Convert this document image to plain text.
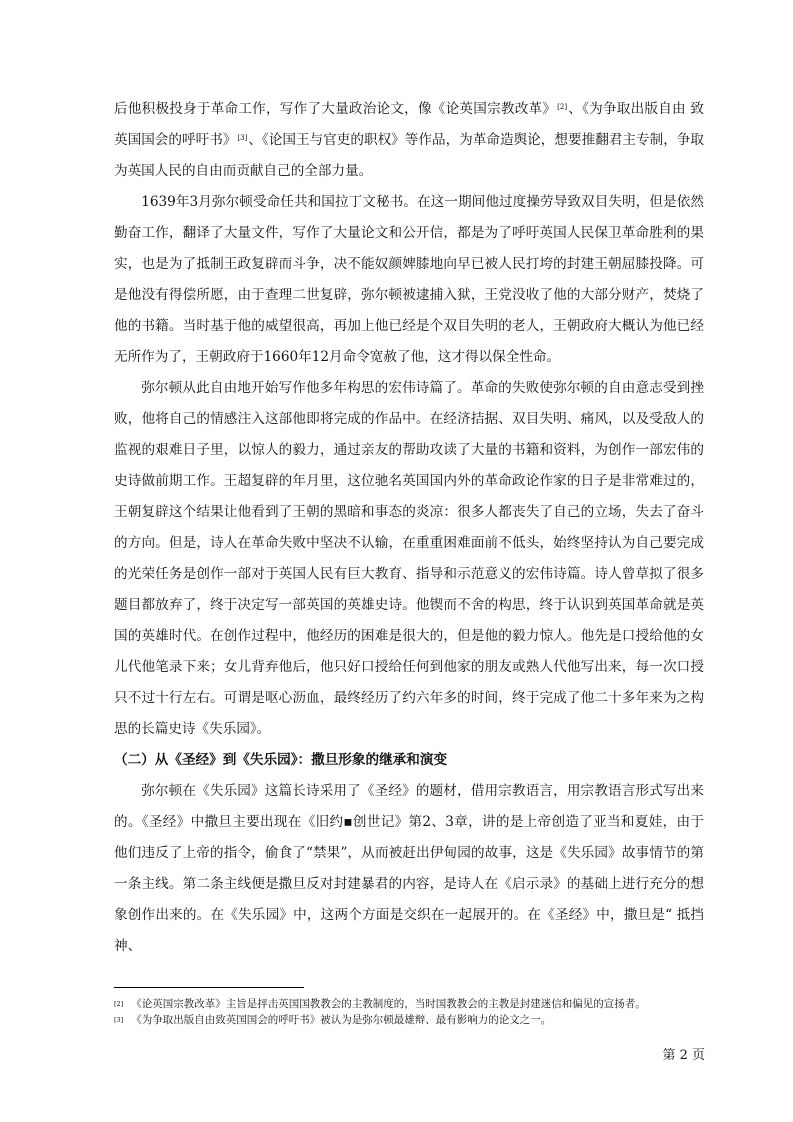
后他积极投身于革命工作，写作了大量政治论文，像《论英国宗教改革》[2]、《为争取出版自由 致英国国会的呼吁书》[3]、《论国王与官吏的职权》等作品，为革命造舆论，想要推翻君主专制，争取为英国人民的自由而贡献自己的全部力量。

1639年3月弥尔顿受命任共和国拉丁文秘书。在这一期间他过度操劳导致双目失明，但是依然勤奋工作，翻译了大量文件，写作了大量论文和公开信，都是为了呼吁英国人民保卫革命胜利的果实，也是为了抵制王政复辟而斗争，决不能奴颜婢膝地向早已被人民打垮的封建王朝屈膝投降。可是他没有得偿所愿，由于查理二世复辟，弥尔顿被逮捕入狱，王党没收了他的大部分财产，焚烧了他的书籍。当时基于他的威望很高，再加上他已经是个双目失明的老人，王朝政府大概认为他已经无所作为了，王朝政府于1660年12月命令宽赦了他，这才得以保全性命。

弥尔顿从此自由地开始写作他多年构思的宏伟诗篇了。革命的失败使弥尔顿的自由意志受到挫败，他将自己的情感注入这部他即将完成的作品中。在经济拮据、双目失明、痛风，以及受敌人的监视的艰难日子里，以惊人的毅力，通过亲友的帮助攻读了大量的书籍和资料，为创作一部宏伟的史诗做前期工作。王超复辟的年月里，这位驰名英国国内外的革命政论作家的日子是非常难过的，王朝复辟这个结果让他看到了王朝的黑暗和事态的炎凉：很多人都丧失了自己的立场，失去了奋斗的方向。但是，诗人在革命失败中坚决不认输，在重重困难面前不低头，始终坚持认为自己要完成的光荣任务是创作一部对于英国人民有巨大教育、指导和示范意义的宏伟诗篇。诗人曾草拟了很多题目都放弃了，终于决定写一部英国的英雄史诗。他锲而不舍的构思，终于认识到英国革命就是英国的英雄时代。在创作过程中，他经历的困难是很大的，但是他的毅力惊人。他先是口授给他的女儿代他笔录下来；女儿背弃他后，他只好口授给任何到他家的朋友或熟人代他写出来，每一次口授只不过十行左右。可谓是呕心沥血，最终经历了约六年多的时间，终于完成了他二十多年来为之构思的长篇史诗《失乐园》。

（二）从《圣经》到《失乐园》：撒旦形象的继承和演变

弥尔顿在《失乐园》这篇长诗采用了《圣经》的题材，借用宗教语言，用宗教语言形式写出来的。《圣经》中撒旦主要出现在《旧约▪创世记》第2、3章，讲的是上帝创造了亚当和夏娃，由于他们违反了上帝的指令，偷食了“禁果”，从而被赶出伊甸园的故事，这是《失乐园》故事情节的第一条主线。第二条主线便是撒旦反对封建暴君的内容，是诗人在《启示录》的基础上进行充分的想象创作出来的。在《失乐园》中，这两个方面是交织在一起展开的。在《圣经》中，撒旦是“ 抵挡神、

[2] 《论英国宗教改革》主旨是抨击英国国教教会的主教制度的，当时国教教会的主教是封建迷信和偏见的宣扬者。

[3] 《为争取出版自由致英国国会的呼吁书》被认为是弥尔顿最雄辩、最有影响力的论文之一。

第 2 页
